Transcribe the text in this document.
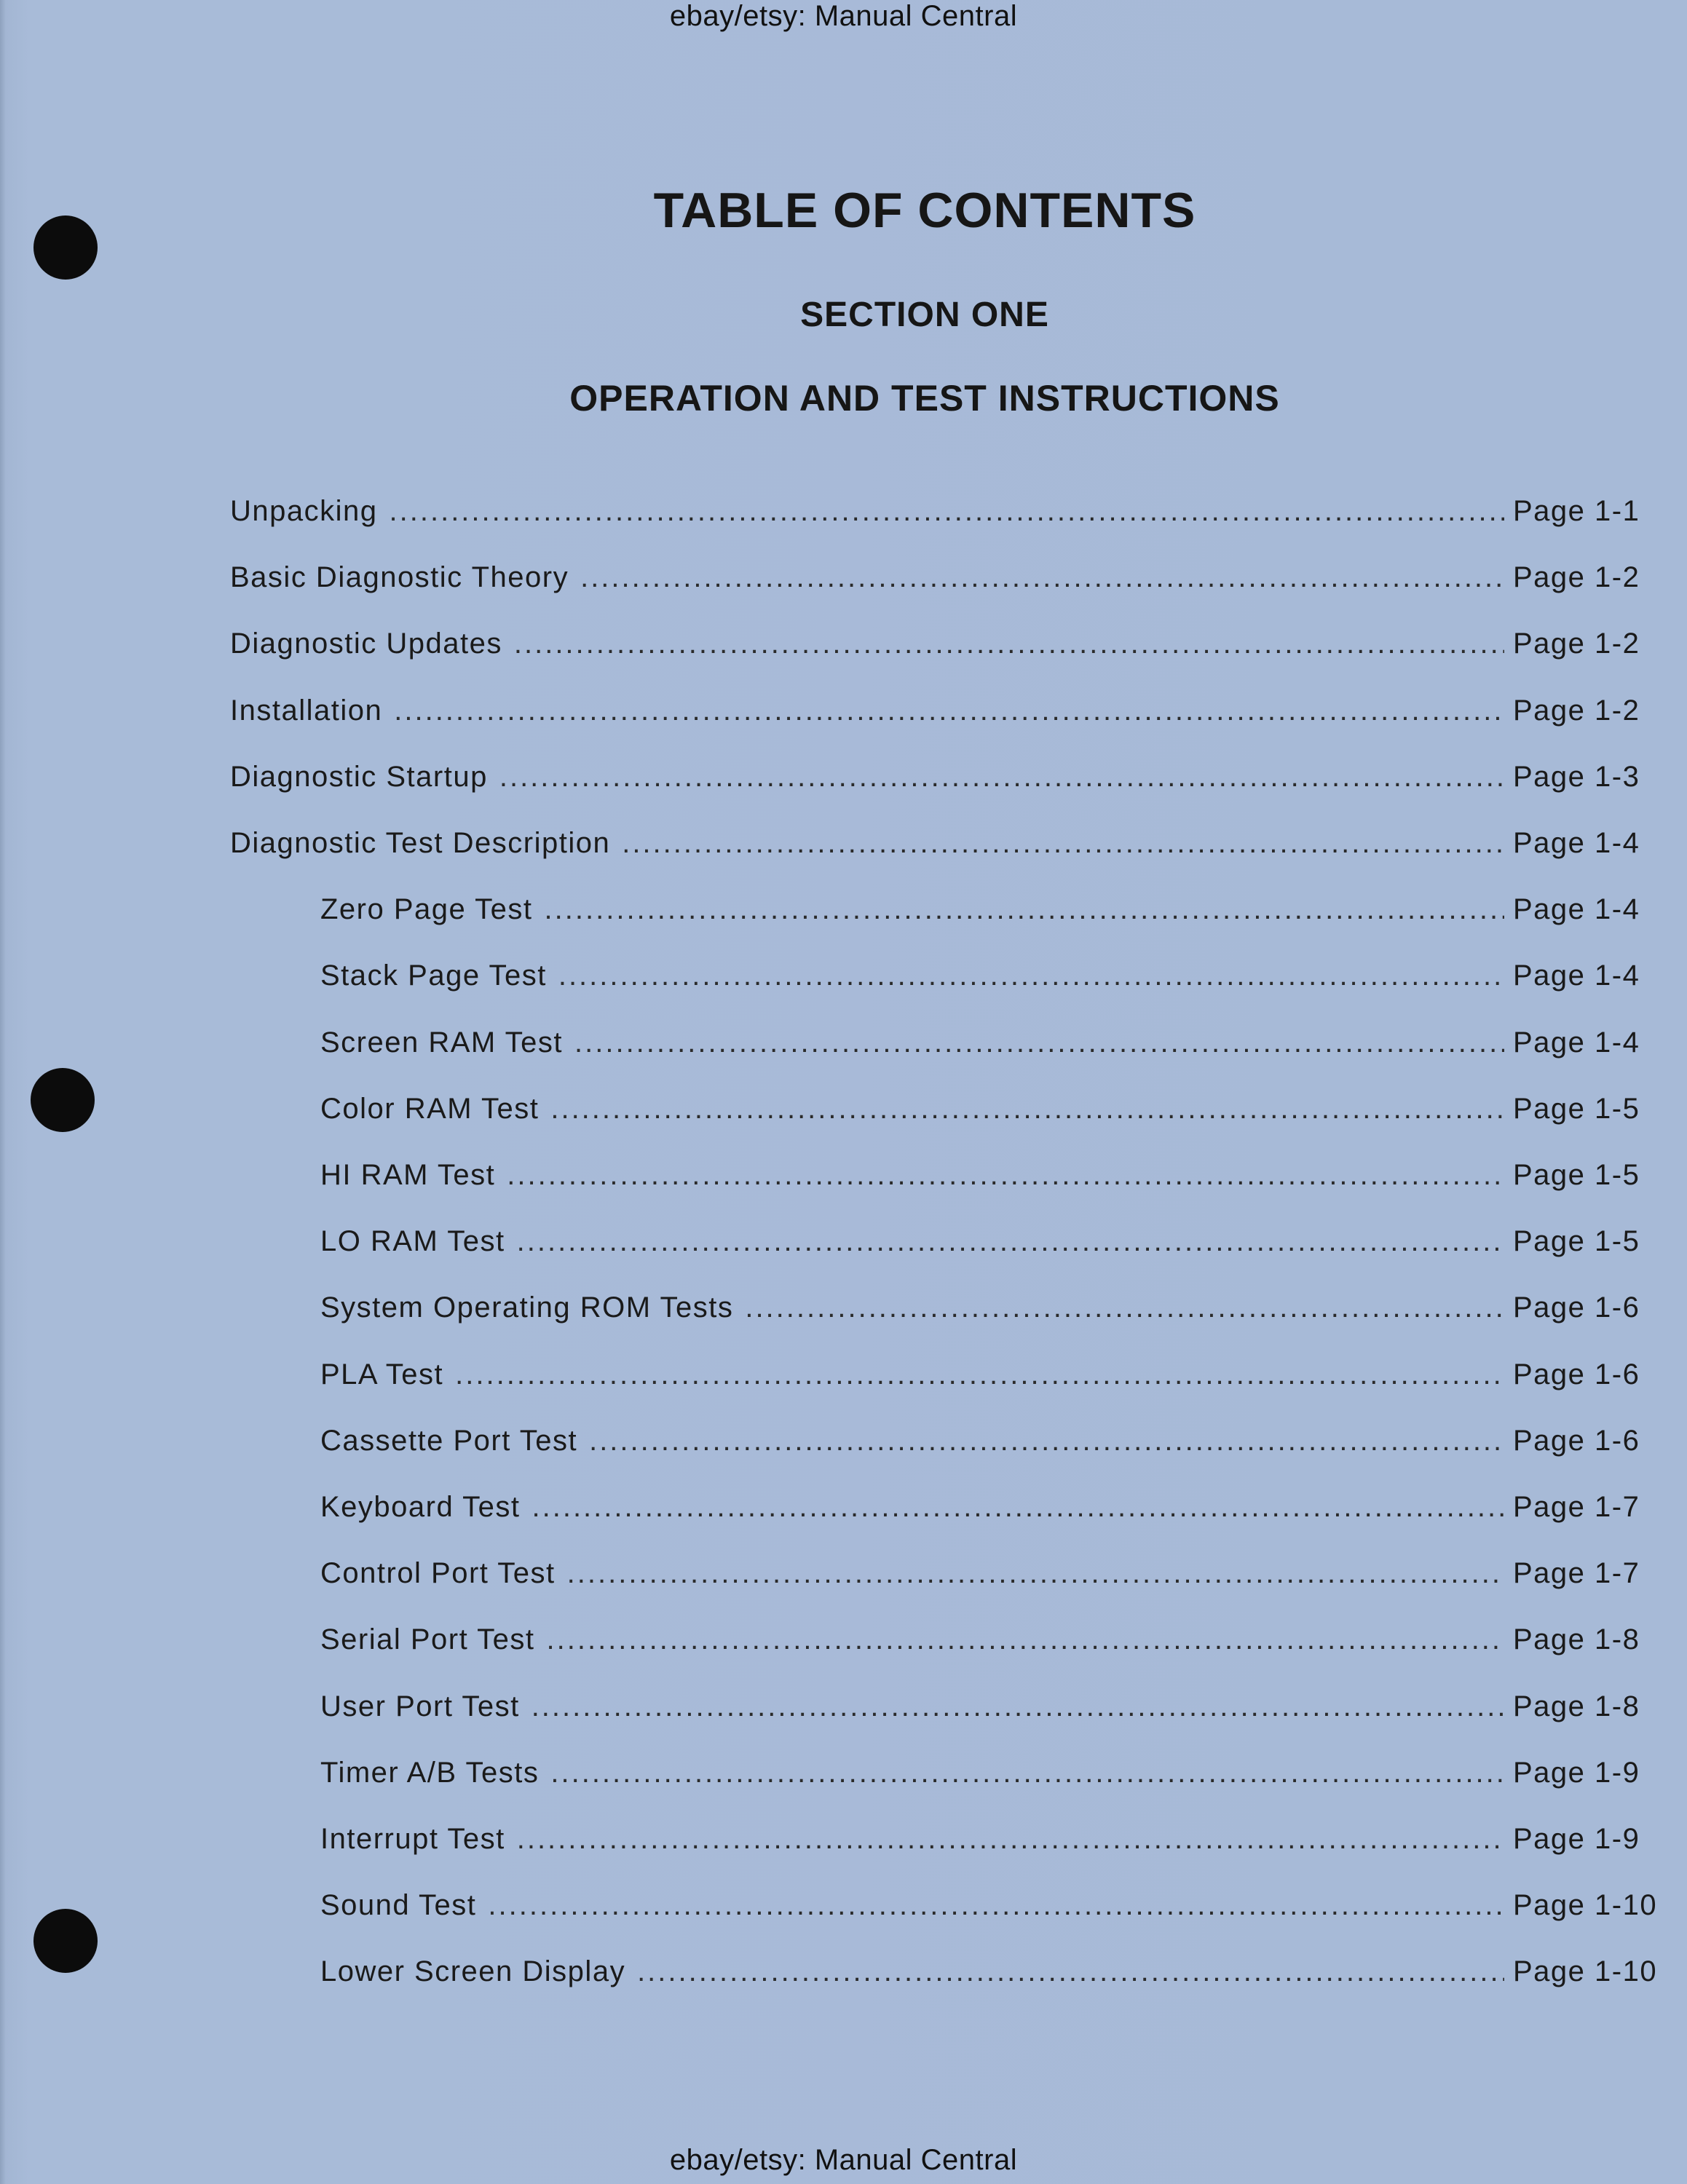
ebay/etsy: Manual Central
TABLE OF CONTENTS
SECTION ONE
OPERATION AND TEST INSTRUCTIONS
Unpacking .....	Page 1-1
Basic Diagnostic Theory .....	Page 1-2
Diagnostic Updates .....	Page 1-2
Installation .....	Page 1-2
Diagnostic Startup .....	Page 1-3
Diagnostic Test Description .....	Page 1-4
Zero Page Test .....	Page 1-4
Stack Page Test .....	Page 1-4
Screen RAM Test .....	Page 1-4
Color RAM Test .....	Page 1-5
HI RAM Test .....	Page 1-5
LO RAM Test .....	Page 1-5
System Operating ROM Tests .....	Page 1-6
PLA Test .....	Page 1-6
Cassette Port Test .....	Page 1-6
Keyboard Test .....	Page 1-7
Control Port Test .....	Page 1-7
Serial Port Test .....	Page 1-8
User Port Test .....	Page 1-8
Timer A/B Tests .....	Page 1-9
Interrupt Test .....	Page 1-9
Sound Test .....	Page 1-10
Lower Screen Display .....	Page 1-10
ebay/etsy: Manual Central
